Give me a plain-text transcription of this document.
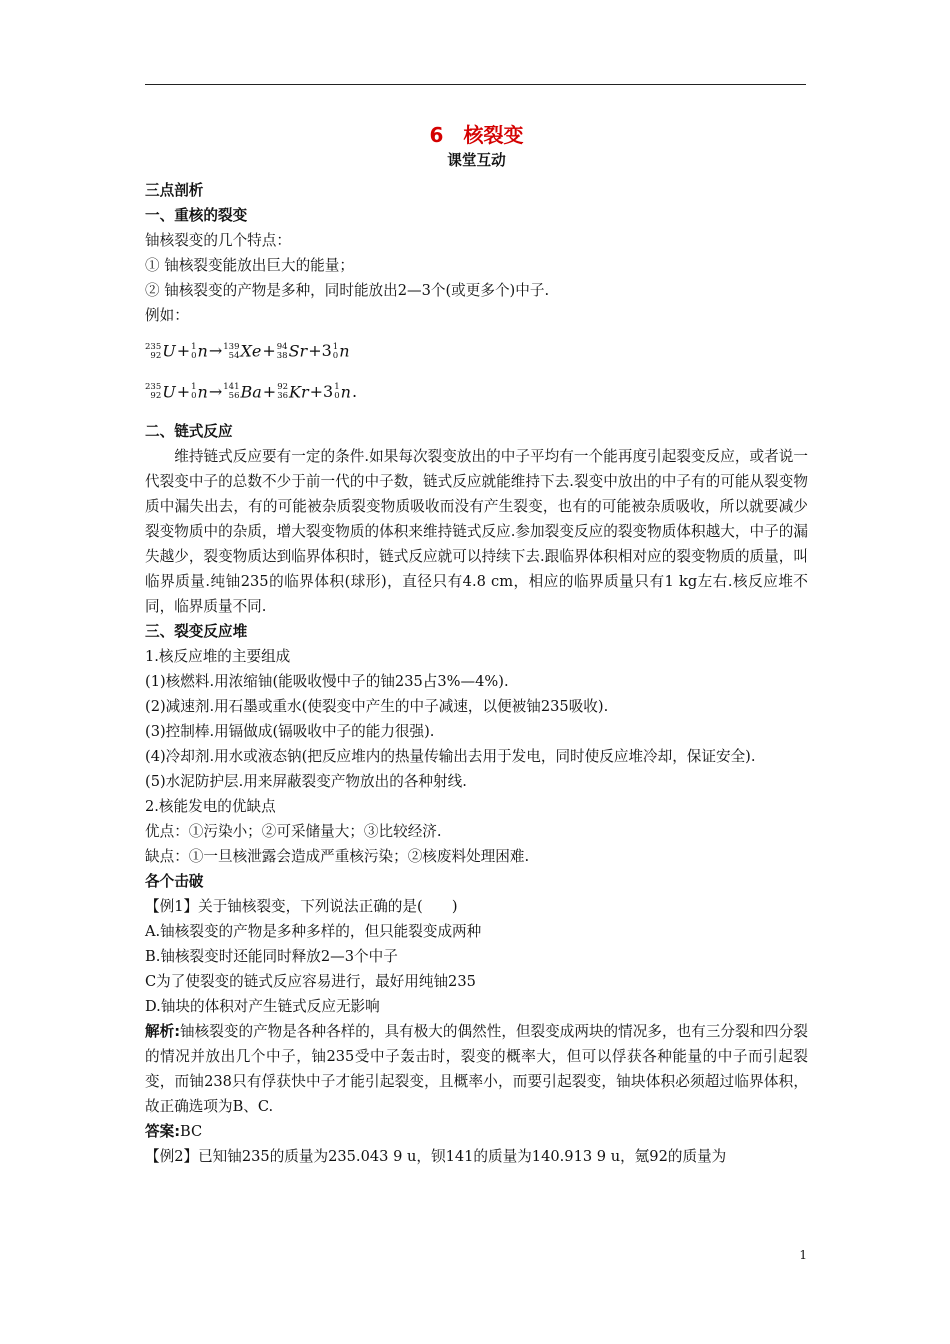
6　核裂变
课堂互动

三点剖析

一、重核的裂变

铀核裂变的几个特点：

① 铀核裂变能放出巨大的能量；

② 铀核裂变的产物是多种，同时能放出2—3个(或更多个)中子.

例如：

235
92 U+ 1
0 n→ 139
54 Xe+ 94
38 Sr+3 1
0 n
235
92 U+ 1
0 n→ 141
56 Ba+ 92
36 Kr+3 1
0 n.

二、链式反应

维持链式反应要有一定的条件.如果每次裂变放出的中子平均有一个能再度引起裂变反应，或者说一代裂变中子的总数不少于前一代的中子数，链式反应就能维持下去.裂变中放出的中子有的可能从裂变物质中漏失出去，有的可能被杂质裂变物质吸收而没有产生裂变，也有的可能被杂质吸收，所以就要减少裂变物质中的杂质，增大裂变物质的体积来维持链式反应.参加裂变反应的裂变物质体积越大，中子的漏失越少，裂变物质达到临界体积时，链式反应就可以持续下去.跟临界体积相对应的裂变物质的质量，叫临界质量.纯铀235的临界体积(球形)，直径只有4.8 cm，相应的临界质量只有1 kg左右.核反应堆不同，临界质量不同.

三、裂变反应堆

1.核反应堆的主要组成

(1)核燃料.用浓缩铀(能吸收慢中子的铀235占3%—4%).

(2)减速剂.用石墨或重水(使裂变中产生的中子减速，以便被铀235吸收).

(3)控制棒.用镉做成(镉吸收中子的能力很强).

(4)冷却剂.用水或液态钠(把反应堆内的热量传输出去用于发电，同时使反应堆冷却，保证安全).

(5)水泥防护层.用来屏蔽裂变产物放出的各种射线.

2.核能发电的优缺点

优点：①污染小；②可采储量大；③比较经济.

缺点：①一旦核泄露会造成严重核污染；②核废料处理困难.

各个击破

【例1】关于铀核裂变，下列说法正确的是(　　)

A.铀核裂变的产物是多种多样的，但只能裂变成两种

B.铀核裂变时还能同时释放2—3个中子

C为了使裂变的链式反应容易进行，最好用纯铀235

D.铀块的体积对产生链式反应无影响

解析:铀核裂变的产物是各种各样的，具有极大的偶然性，但裂变成两块的情况多，也有三分裂和四分裂的情况并放出几个中子，铀235受中子轰击时，裂变的概率大，但可以俘获各种能量的中子而引起裂变，而铀238只有俘获快中子才能引起裂变，且概率小，而要引起裂变，铀块体积必须超过临界体积，故正确选项为B、C.

答案:BC

【例2】已知铀235的质量为235.043 9 u，钡141的质量为140.913 9 u，氪92的质量为

1
